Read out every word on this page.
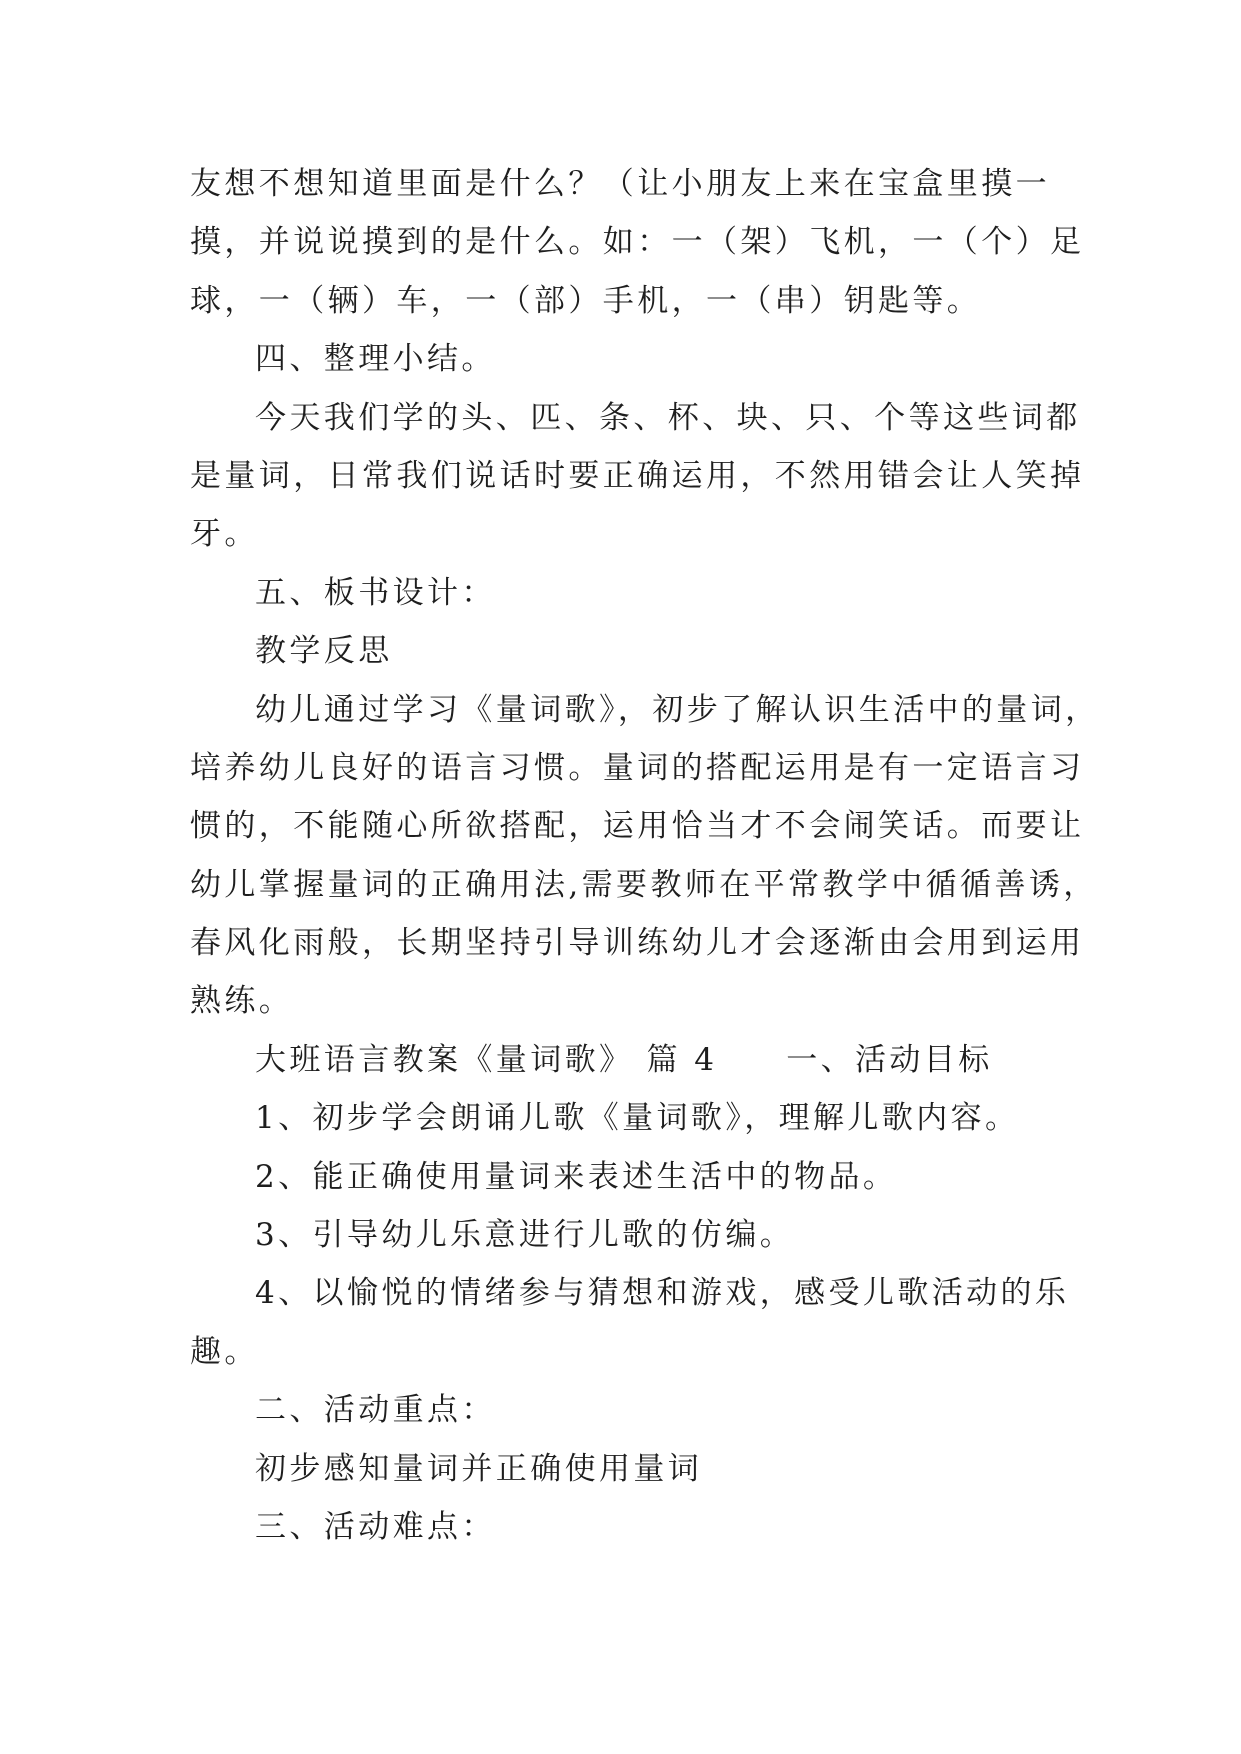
友想不想知道里面是什么？（让小朋友上来在宝盒里摸一
摸，并说说摸到的是什么。如：一（架）飞机，一（个）足
球，一（辆）车，一（部）手机，一（串）钥匙等。
四、整理小结。
今天我们学的头、匹、条、杯、块、只、个等这些词都
是量词，日常我们说话时要正确运用，不然用错会让人笑掉
牙。
五、板书设计：
教学反思
幼儿通过学习《量词歌》，初步了解认识生活中的量词，
培养幼儿良好的语言习惯。量词的搭配运用是有一定语言习
惯的，不能随心所欲搭配，运用恰当才不会闹笑话。而要让
幼儿掌握量词的正确用法,需要教师在平常教学中循循善诱，
春风化雨般，长期坚持引导训练幼儿才会逐渐由会用到运用
熟练。
大班语言教案《量词歌》 篇 4　　一、活动目标
1、初步学会朗诵儿歌《量词歌》，理解儿歌内容。
2、能正确使用量词来表述生活中的物品。
3、引导幼儿乐意进行儿歌的仿编。
4、以愉悦的情绪参与猜想和游戏，感受儿歌活动的乐
趣。
二、活动重点：
初步感知量词并正确使用量词
三、活动难点：
